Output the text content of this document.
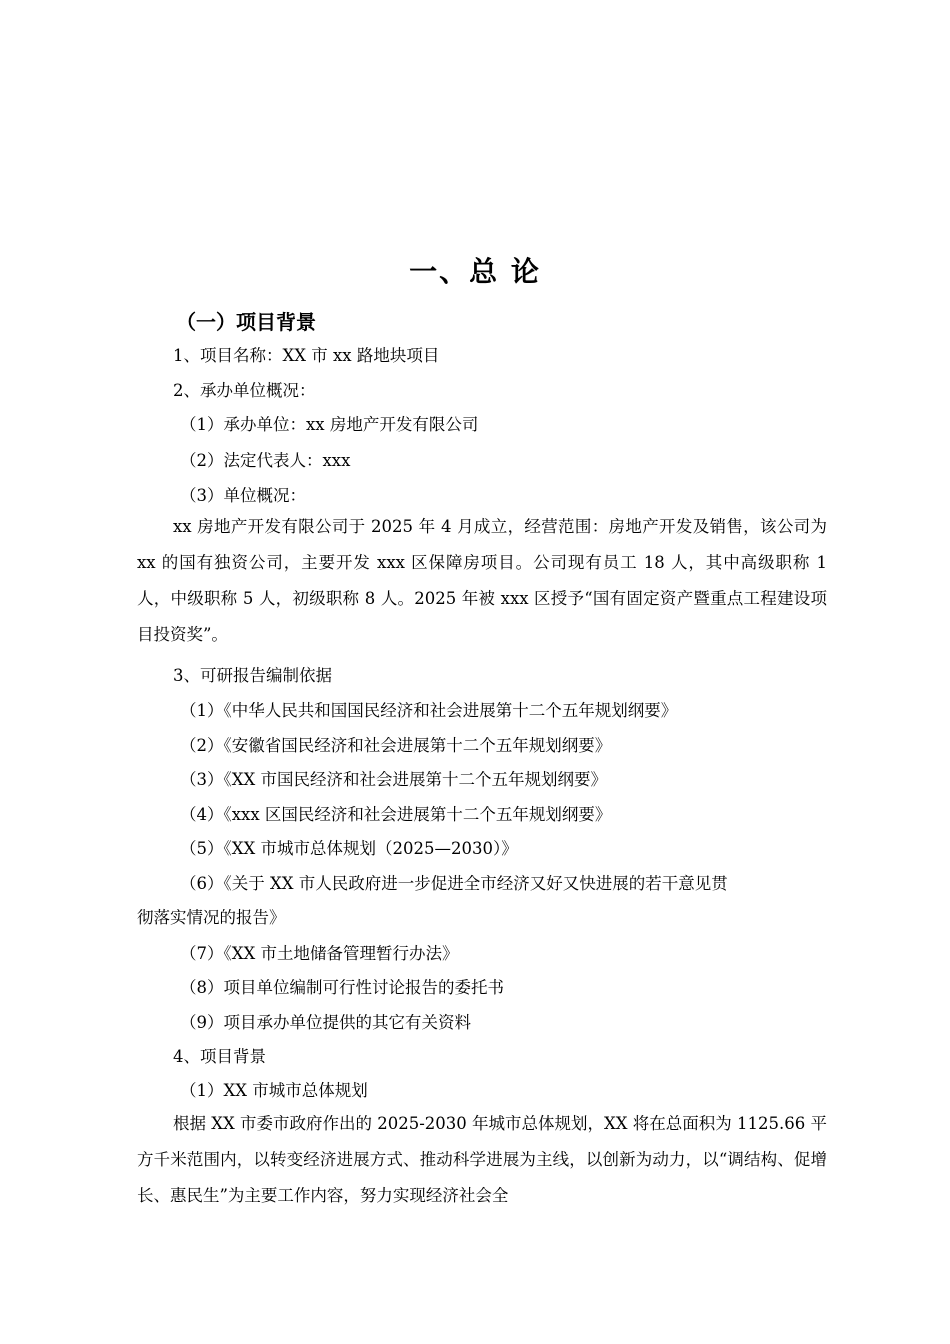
一、总 论
（一）项目背景
1、项目名称：XX 市 xx 路地块项目
2、承办单位概况：
（1）承办单位：xx 房地产开发有限公司
（2）法定代表人：xxx
（3）单位概况：
xx 房地产开发有限公司于 2025 年 4 月成立，经营范围：房地产开发及销售，该公司为 xx 的国有独资公司，主要开发 xxx 区保障房项目。公司现有员工 18 人，其中高级职称 1 人，中级职称 5 人，初级职称 8 人。2025 年被 xxx 区授予“国有固定资产暨重点工程建设项目投资奖”。
3、可研报告编制依据
（1）《中华人民共和国国民经济和社会进展第十二个五年规划纲要》
（2）《安徽省国民经济和社会进展第十二个五年规划纲要》
（3）《XX 市国民经济和社会进展第十二个五年规划纲要》
（4）《xxx 区国民经济和社会进展第十二个五年规划纲要》
（5）《XX 市城市总体规划（2025—2030）》
（6）《关于 XX 市人民政府进一步促进全市经济又好又快进展的若干意见贯
彻落实情况的报告》
（7）《XX 市土地储备管理暂行办法》
（8）项目单位编制可行性讨论报告的委托书
（9）项目承办单位提供的其它有关资料
4、项目背景
（1）XX 市城市总体规划
根据 XX 市委市政府作出的 2025-2030 年城市总体规划，XX 将在总面积为 1125.66 平方千米范围内，以转变经济进展方式、推动科学进展为主线，以创新为动力，以“调结构、促增长、惠民生”为主要工作内容，努力实现经济社会全
